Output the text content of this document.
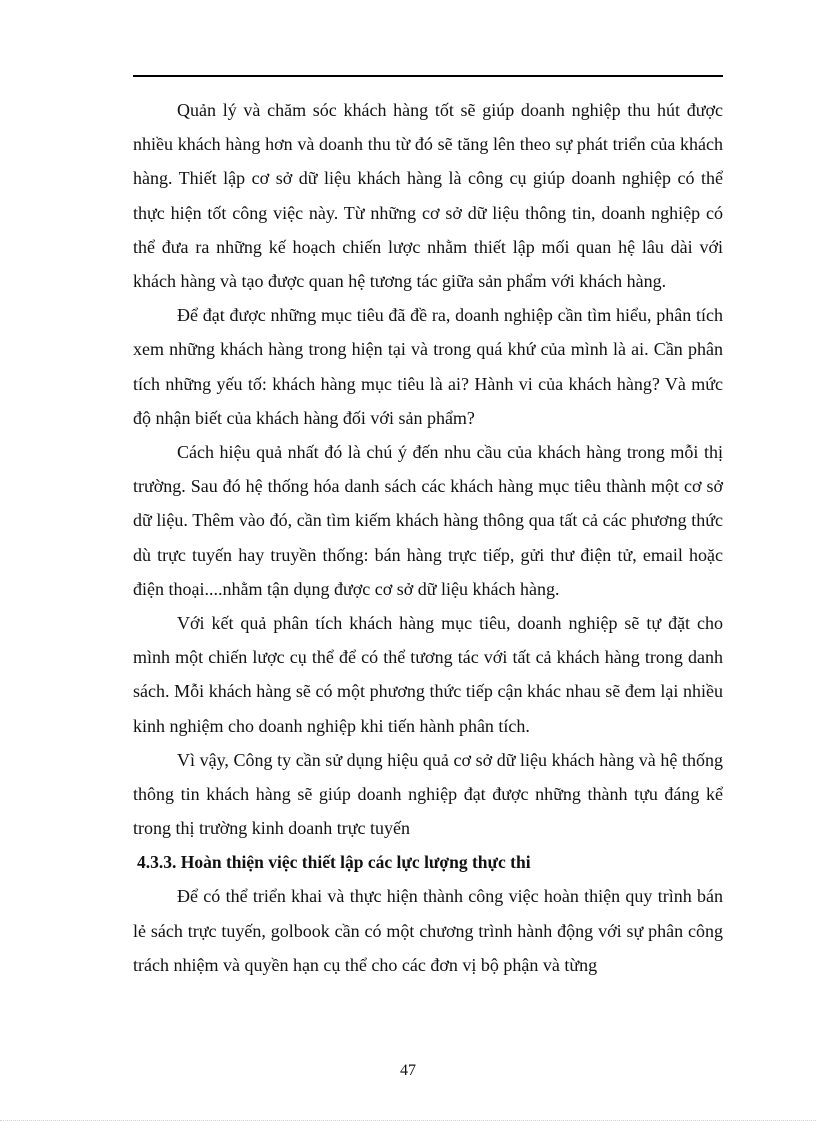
Quản lý và chăm sóc khách hàng tốt sẽ giúp doanh nghiệp thu hút được nhiều khách hàng hơn và doanh thu từ đó sẽ tăng lên theo sự phát triển của khách hàng. Thiết lập cơ sở dữ liệu khách hàng là công cụ giúp doanh nghiệp có thể thực hiện tốt công việc này. Từ những cơ sở dữ liệu thông tin, doanh nghiệp có thể đưa ra những kế hoạch chiến lược nhằm thiết lập mối quan hệ lâu dài với khách hàng và tạo được quan hệ tương tác giữa sản phẩm với khách hàng.

Để đạt được những mục tiêu đã đề ra, doanh nghiệp cần tìm hiểu, phân tích xem những khách hàng trong hiện tại và trong quá khứ của mình là ai. Cần phân tích những yếu tố: khách hàng mục tiêu là ai? Hành vi của khách hàng? Và mức độ nhận biết của khách hàng đối với sản phẩm?

Cách hiệu quả nhất đó là chú ý đến nhu cầu của khách hàng trong mỗi thị trường. Sau đó hệ thống hóa danh sách các khách hàng mục tiêu thành một cơ sở dữ liệu. Thêm vào đó, cần tìm kiếm khách hàng thông qua tất cả các phương thức dù trực tuyến hay truyền thống: bán hàng trực tiếp, gửi thư điện tử, email hoặc điện thoại....nhằm tận dụng được cơ sở dữ liệu khách hàng.

Với kết quả phân tích khách hàng mục tiêu, doanh nghiệp sẽ tự đặt cho mình một chiến lược cụ thể để có thể tương tác với tất cả khách hàng trong danh sách. Mỗi khách hàng sẽ có một phương thức tiếp cận khác nhau sẽ đem lại nhiều kinh nghiệm cho doanh nghiệp khi tiến hành phân tích.

Vì vậy, Công ty cần sử dụng hiệu quả cơ sở dữ liệu khách hàng và hệ thống thông tin khách hàng sẽ giúp doanh nghiệp đạt được những thành tựu đáng kể trong thị trường kinh doanh trực tuyến

4.3.3. Hoàn thiện việc thiết lập các lực lượng thực thi

Để có thể triển khai và thực hiện thành công việc hoàn thiện quy trình bán lẻ sách trực tuyến, golbook cần có một chương trình hành động với sự phân công trách nhiệm và quyền hạn cụ thể cho các đơn vị bộ phận và từng

47
